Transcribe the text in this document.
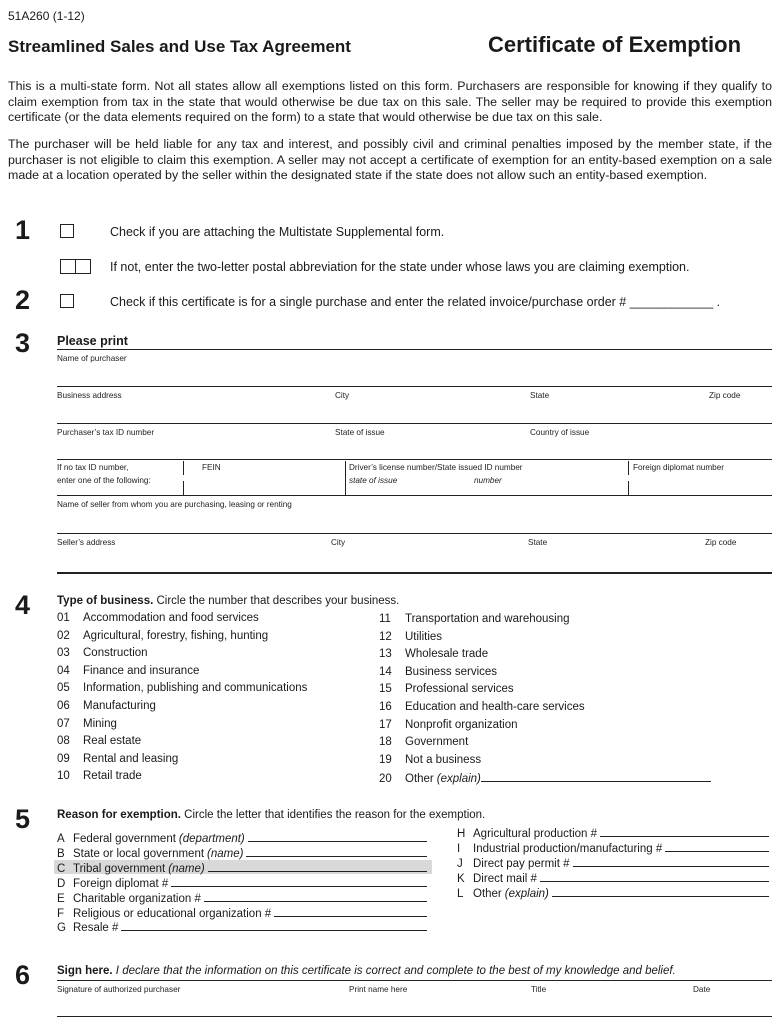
51A260 (1-12)
Streamlined Sales and Use Tax Agreement	Certificate of Exemption
This is a multi-state form. Not all states allow all exemptions listed on this form. Purchasers are responsible for knowing if they qualify to claim exemption from tax in the state that would otherwise be due tax on this sale. The seller may be required to provide this exemption certificate (or the data elements required on the form) to a state that would otherwise be due tax on this sale.
The purchaser will be held liable for any tax and interest, and possibly civil and criminal penalties imposed by the member state, if the purchaser is not eligible to claim this exemption. A seller may not accept a certificate of exemption for an entity-based exemption on a sale made at a location operated by the seller within the designated state if the state does not allow such an entity-based exemption.
1	Check if you are attaching the Multistate Supplemental form.
If not, enter the two-letter postal abbreviation for the state under whose laws you are claiming exemption.
2	Check if this certificate is for a single purchase and enter the related invoice/purchase order # ____________ .
3 Please print
Name of purchaser
Business address	City	State	Zip code
Purchaser’s tax ID number	State of issue	Country of issue
If no tax ID number,
enter one of the following:
FEIN	Driver’s license number/State issued ID number
state of issue	number
Foreign diplomat number
Name of seller from whom you are purchasing, leasing or renting
Seller’s address	City	State	Zip code
4 Type of business. Circle the number that describes your business.
01 Accommodation and food services
02 Agricultural, forestry, fishing, hunting
03 Construction
04 Finance and insurance
05 Information, publishing and communications
06 Manufacturing
07 Mining
08 Real estate
09 Rental and leasing
10 Retail trade
11 Transportation and warehousing
12 Utilities
13 Wholesale trade
14 Business services
15 Professional services
16 Education and health-care services
17 Nonprofit organization
18 Government
19 Not a business
20 Other (explain)
5 Reason for exemption. Circle the letter that identifies the reason for the exemption.
A Federal government (department)
B State or local government (name)
C Tribal government (name)
D Foreign diplomat #
E Charitable organization #
F Religious or educational organization #
G Resale #
H Agricultural production #
I Industrial production/manufacturing #
J Direct pay permit #
K Direct mail #
L Other (explain)
6 Sign here. I declare that the information on this certificate is correct and complete to the best of my knowledge and belief.
Signature of authorized purchaser	Print name here	Title	Date
